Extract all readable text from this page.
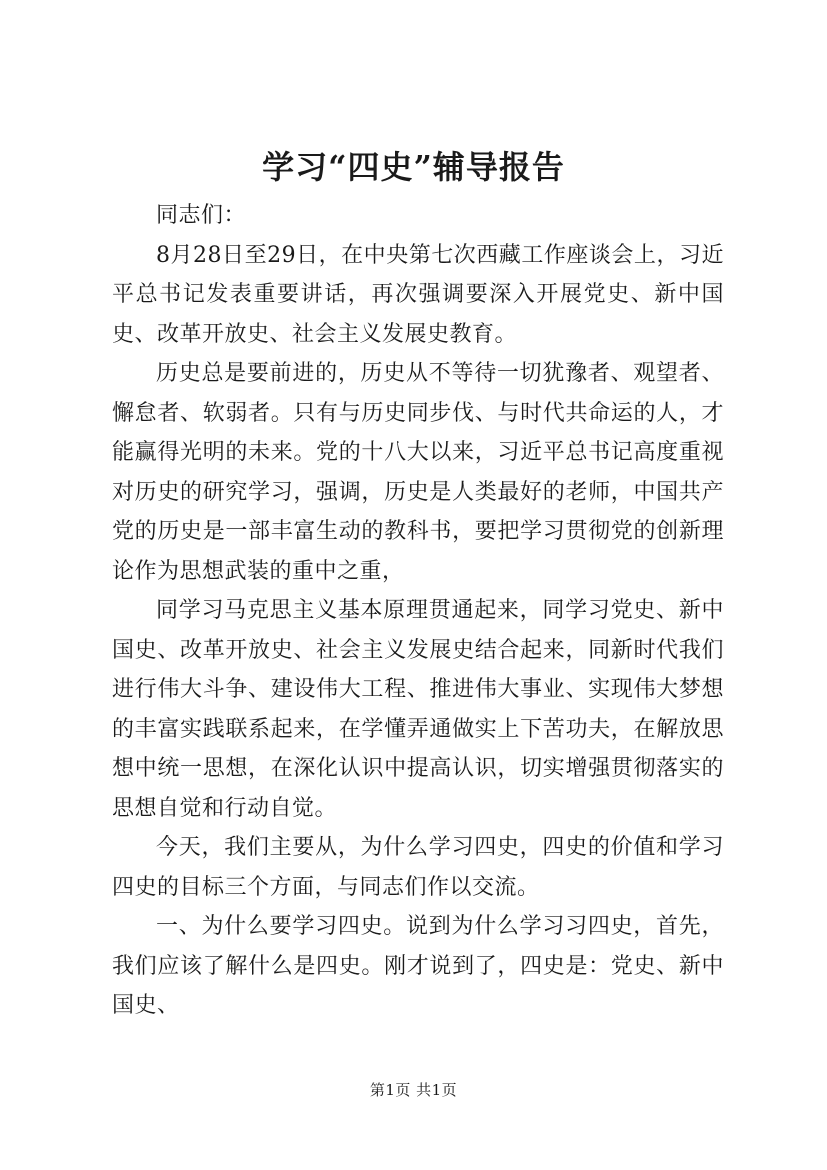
学习“四史”辅导报告

同志们：

8月28日至29日，在中央第七次西藏工作座谈会上，习近平总书记发表重要讲话，再次强调要深入开展党史、新中国史、改革开放史、社会主义发展史教育。

历史总是要前进的，历史从不等待一切犹豫者、观望者、懈怠者、软弱者。只有与历史同步伐、与时代共命运的人，才能赢得光明的未来。党的十八大以来，习近平总书记高度重视对历史的研究学习，强调，历史是人类最好的老师，中国共产党的历史是一部丰富生动的教科书，要把学习贯彻党的创新理论作为思想武装的重中之重，

同学习马克思主义基本原理贯通起来，同学习党史、新中国史、改革开放史、社会主义发展史结合起来，同新时代我们进行伟大斗争、建设伟大工程、推进伟大事业、实现伟大梦想的丰富实践联系起来，在学懂弄通做实上下苦功夫，在解放思想中统一思想，在深化认识中提高认识，切实增强贯彻落实的思想自觉和行动自觉。

今天，我们主要从，为什么学习四史，四史的价值和学习四史的目标三个方面，与同志们作以交流。

一、为什么要学习四史。说到为什么学习习四史，首先，我们应该了解什么是四史。刚才说到了，四史是：党史、新中国史、

第1页 共1页
